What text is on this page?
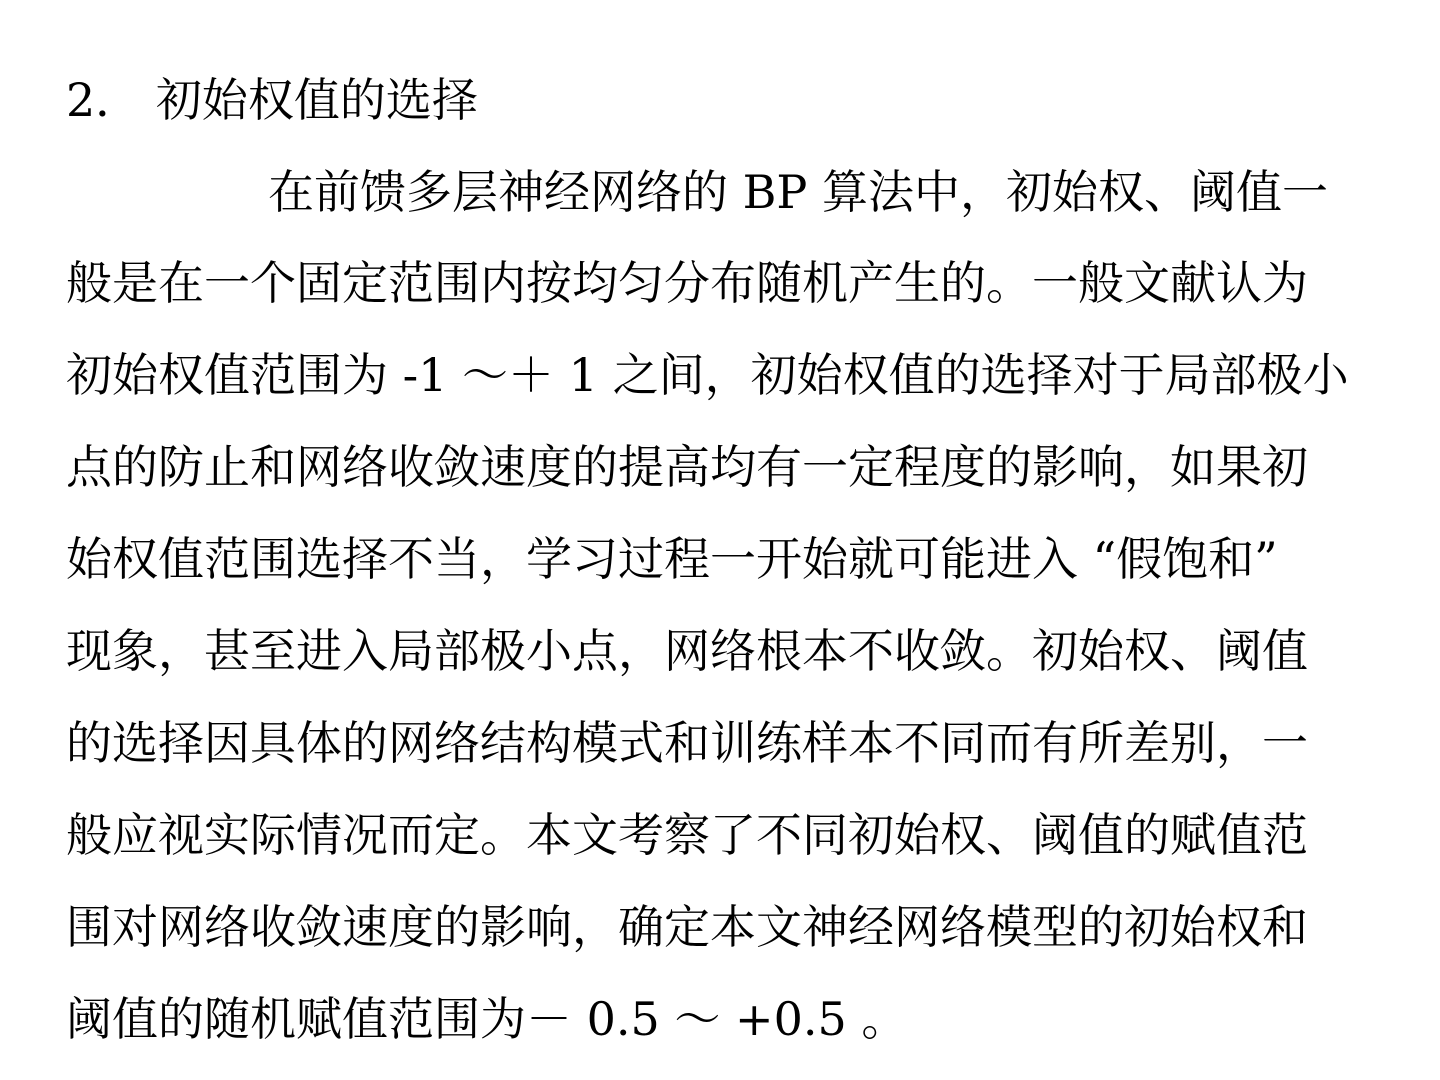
2． 初始权值的选择
在前馈多层神经网络的 BP 算法中，初始权、阈值一
般是在一个固定范围内按均匀分布随机产生的。一般文献认为
初始权值范围为 -1 ～＋ 1 之间，初始权值的选择对于局部极小
点的防止和网络收敛速度的提高均有一定程度的影响，如果初
始权值范围选择不当，学习过程一开始就可能进入 “假饱和”
现象，甚至进入局部极小点，网络根本不收敛。初始权、阈值
的选择因具体的网络结构模式和训练样本不同而有所差别，一
般应视实际情况而定。本文考察了不同初始权、阈值的赋值范
围对网络收敛速度的影响，确定本文神经网络模型的初始权和
阈值的随机赋值范围为－ 0.5 ～ +0.5 。
